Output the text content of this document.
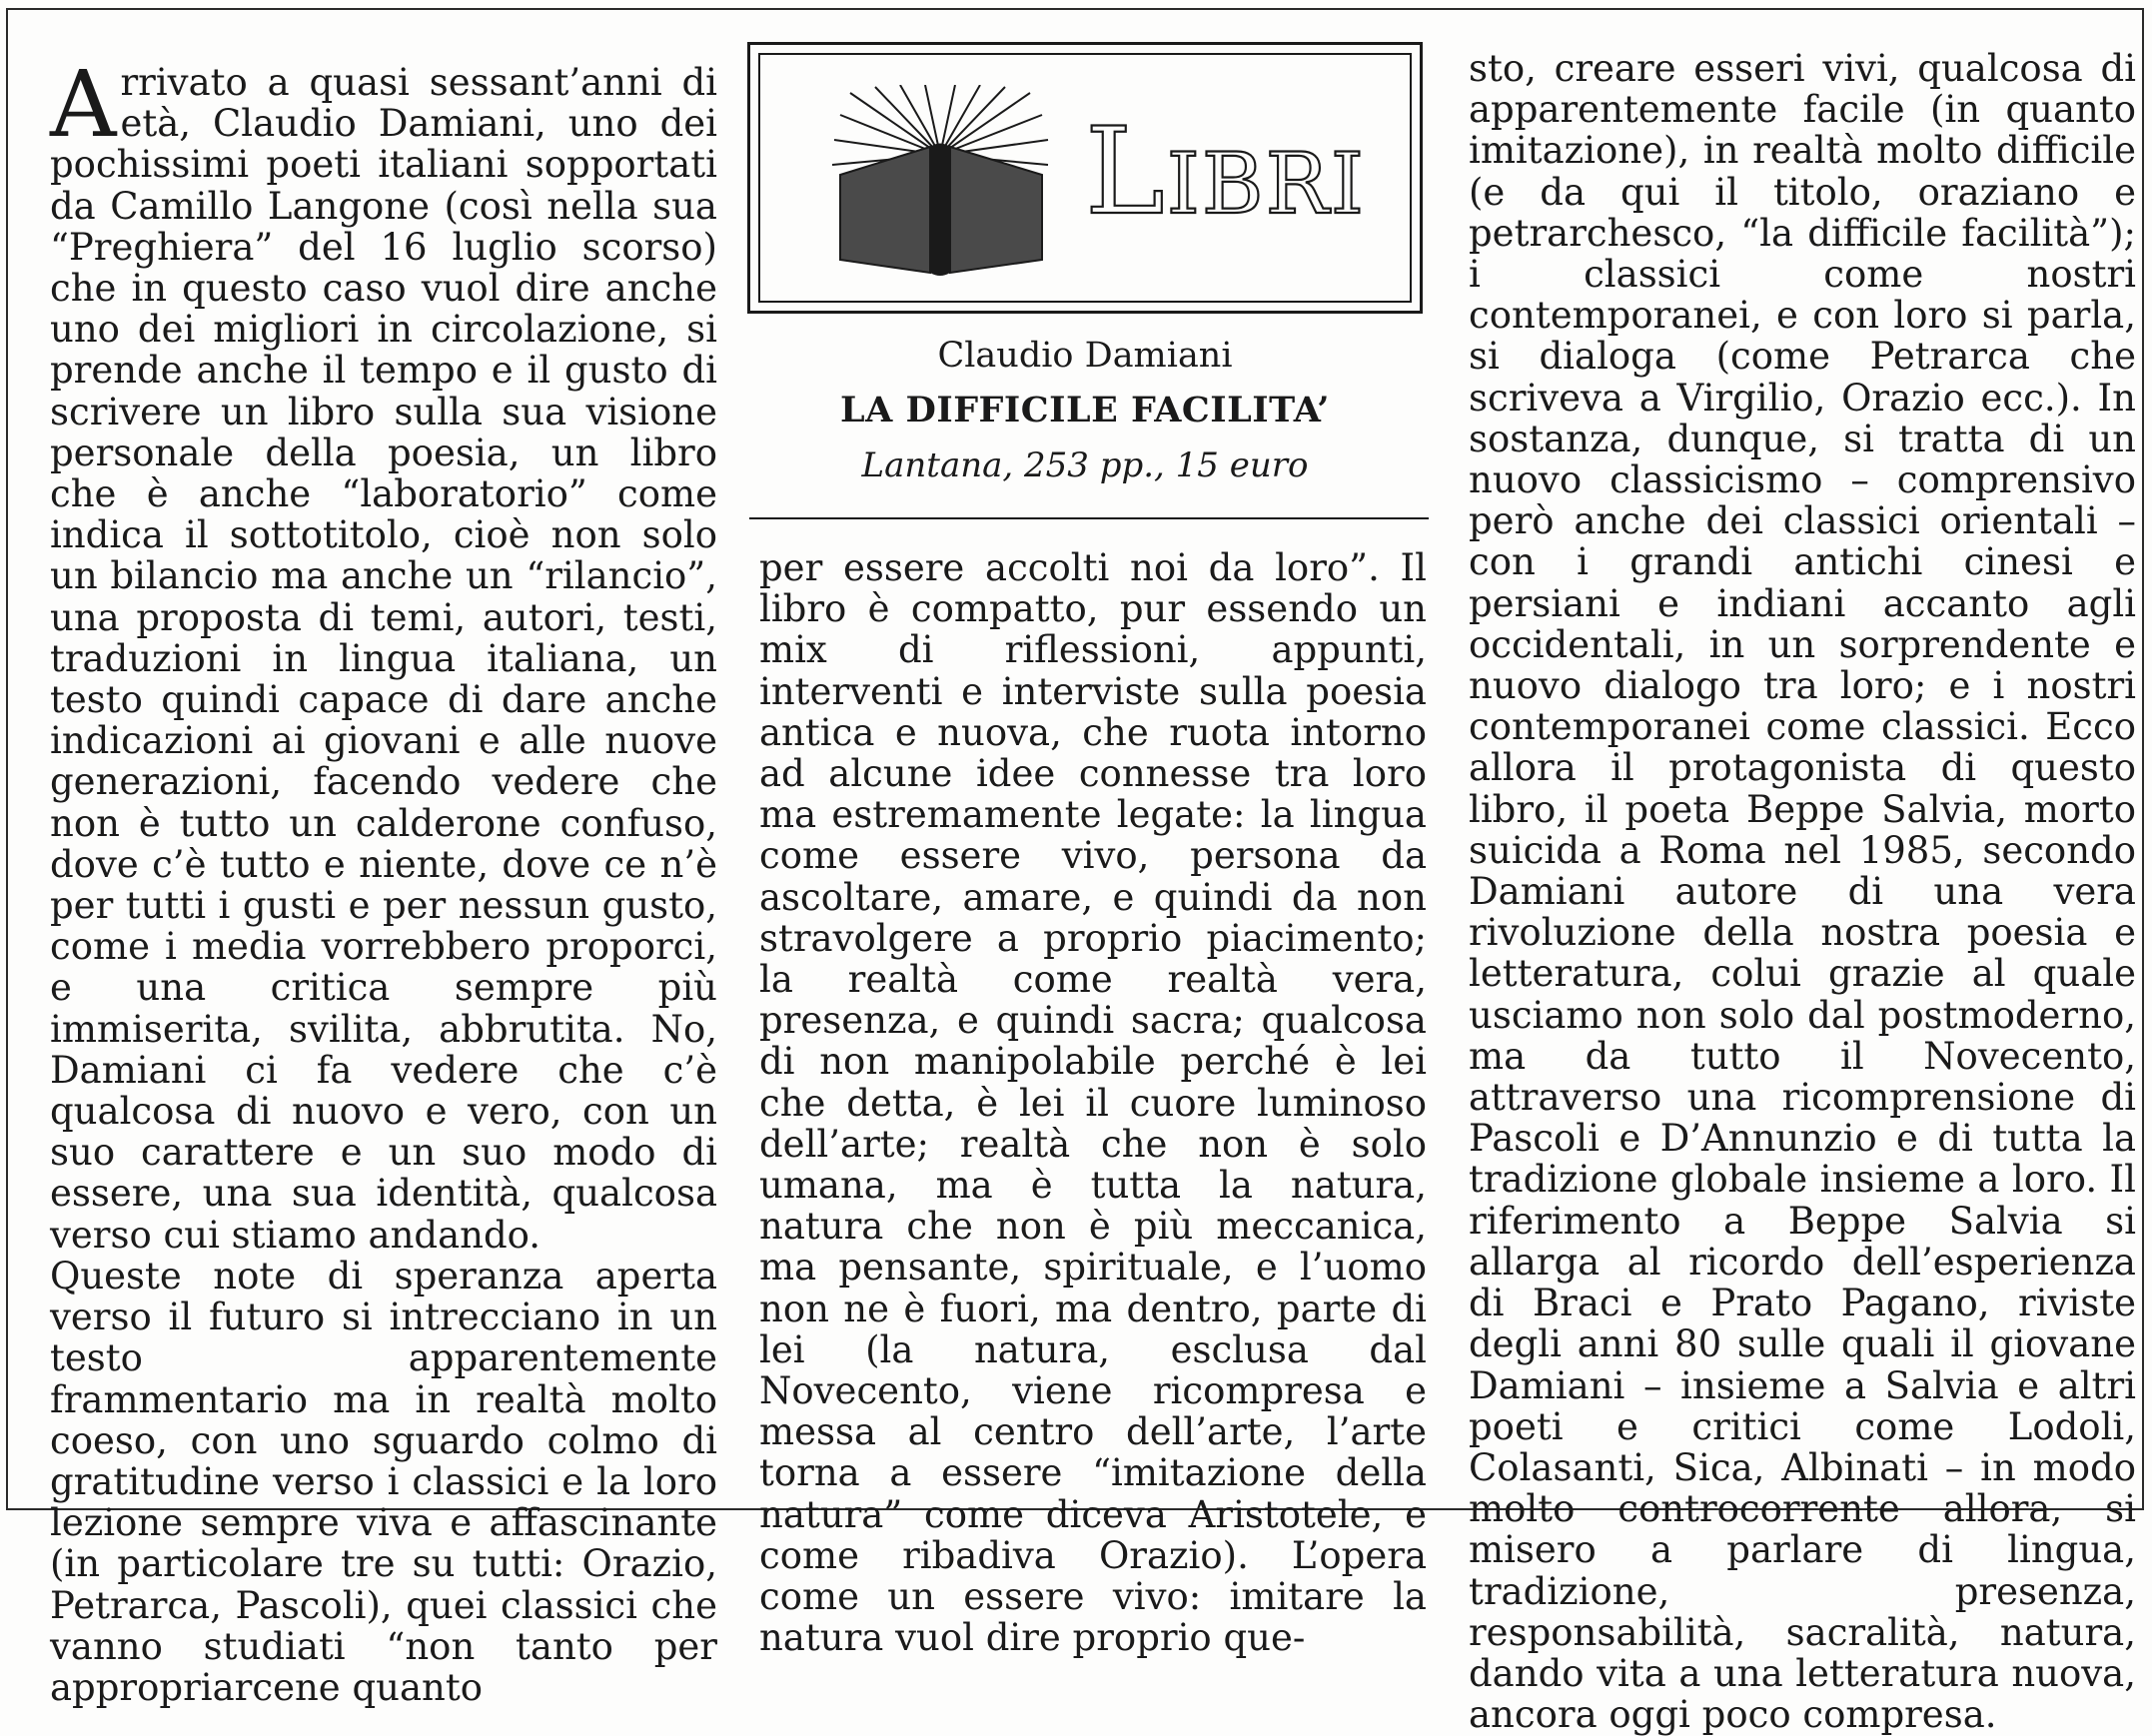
Arrivato a quasi sessant’anni di età, Claudio Damiani, uno dei pochissimi poeti italiani sopportati da Camillo Langone (così nella sua “Preghiera” del 16 luglio scorso) che in questo caso vuol dire anche uno dei migliori in circolazione, si prende anche il tempo e il gusto di scrivere un libro sulla sua visione personale della poesia, un libro che è anche “laboratorio” come indica il sottotitolo, cioè non solo un bilancio ma anche un “rilancio”, una proposta di temi, autori, testi, traduzioni in lingua italiana, un testo quindi capace di dare anche indicazioni ai giovani e alle nuove generazioni, facendo vedere che non è tutto un calderone confuso, dove c’è tutto e niente, dove ce n’è per tutti i gusti e per nessun gusto, come i media vorrebbero proporci, e una critica sempre più immiserita, svilita, abbrutita. No, Damiani ci fa vedere che c’è qualcosa di nuovo e vero, con un suo carattere e un suo modo di essere, una sua identità, qualcosa verso cui stiamo andando.

Queste note di speranza aperta verso il futuro si intrecciano in un testo apparentemente frammentario ma in realtà molto coeso, con uno sguardo colmo di gratitudine verso i classici e la loro lezione sempre viva e affascinante (in particolare tre su tutti: Orazio, Petrarca, Pascoli), quei classici che vanno studiati “non tanto per appropriarcene quanto

Libri
Claudio Damiani
LA DIFFICILE FACILITA’
Lantana, 253 pp., 15 euro

per essere accolti noi da loro”. Il libro è compatto, pur essendo un mix di riflessioni, appunti, interventi e interviste sulla poesia antica e nuova, che ruota intorno ad alcune idee connesse tra loro ma estremamente legate: la lingua come essere vivo, persona da ascoltare, amare, e quindi da non stravolgere a proprio piacimento; la realtà come realtà vera, presenza, e quindi sacra; qualcosa di non manipolabile perché è lei che detta, è lei il cuore luminoso dell’arte; realtà che non è solo umana, ma è tutta la natura, natura che non è più meccanica, ma pensante, spirituale, e l’uomo non ne è fuori, ma dentro, parte di lei (la natura, esclusa dal Novecento, viene ricompresa e messa al centro dell’arte, l’arte torna a essere “imitazione della natura” come diceva Aristotele, e come ribadiva Orazio). L’opera come un essere vivo: imitare la natura vuol dire proprio que-

sto, creare esseri vivi, qualcosa di apparentemente facile (in quanto imitazione), in realtà molto difficile (e da qui il titolo, oraziano e petrarchesco, “la difficile facilità”); i classici come nostri contemporanei, e con loro si parla, si dialoga (come Petrarca che scriveva a Virgilio, Orazio ecc.). In sostanza, dunque, si tratta di un nuovo classicismo – comprensivo però anche dei classici orientali – con i grandi antichi cinesi e persiani e indiani accanto agli occidentali, in un sorprendente e nuovo dialogo tra loro; e i nostri contemporanei come classici. Ecco allora il protagonista di questo libro, il poeta Beppe Salvia, morto suicida a Roma nel 1985, secondo Damiani autore di una vera rivoluzione della nostra poesia e letteratura, colui grazie al quale usciamo non solo dal postmoderno, ma da tutto il Novecento, attraverso una ricomprensione di Pascoli e D’Annunzio e di tutta la tradizione globale insieme a loro. Il riferimento a Beppe Salvia si allarga al ricordo dell’esperienza di Braci e Prato Pagano, riviste degli anni 80 sulle quali il giovane Damiani – insieme a Salvia e altri poeti e critici come Lodoli, Colasanti, Sica, Albinati – in modo molto controcorrente allora, si misero a parlare di lingua, tradizione, presenza, responsabilità, sacralità, natura, dando vita a una letteratura nuova, ancora oggi poco compresa.
